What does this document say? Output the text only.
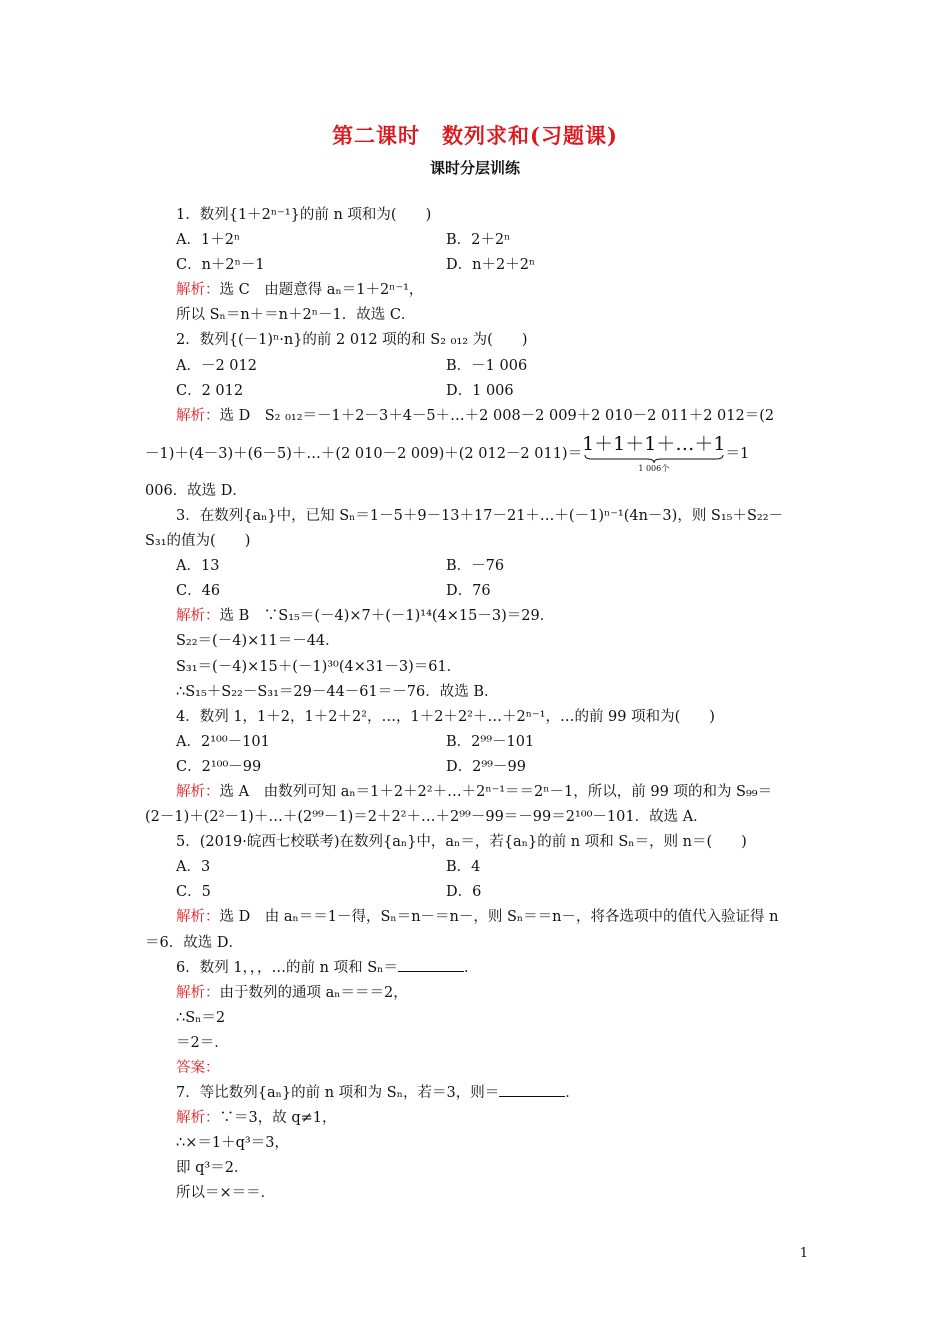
第二课时　数列求和(习题课)
课时分层训练
1．数列{1＋2ⁿ⁻¹}的前 n 项和为(　　)
A．1＋2ⁿ	B．2＋2ⁿ
C．n＋2ⁿ－1	D．n＋2＋2ⁿ
解析：选 C　由题意得 aₙ＝1＋2ⁿ⁻¹，
所以 Sₙ＝n＋＝n＋2ⁿ－1．故选 C．
2．数列{(－1)ⁿ·n}的前 2 012 项的和 S₂ ₀₁₂ 为(　　)
A．－2 012	B．－1 006
C．2 012	D．1 006
解析：选 D　S₂ ₀₁₂＝－1＋2－3＋4－5＋…＋2 008－2 009＋2 010－2 011＋2 012＝(2
－1)＋(4－3)＋(6－5)＋…＋(2 010－2 009)＋(2 012－2 011)＝ 1＋1＋1＋…＋1
1 006个
＝1
006．故选 D．
3．在数列{aₙ}中，已知 Sₙ＝1－5＋9－13＋17－21＋…＋(－1)ⁿ⁻¹(4n－3)，则 S₁₅＋S₂₂－
S₃₁的值为(　　)
A．13	B．－76
C．46	D．76
解析：选 B　∵S₁₅＝(－4)×7＋(－1)¹⁴(4×15－3)＝29．
S₂₂＝(－4)×11＝－44．
S₃₁＝(－4)×15＋(－1)³⁰(4×31－3)＝61．
∴S₁₅＋S₂₂－S₃₁＝29－44－61＝－76．故选 B．
4．数列 1，1＋2，1＋2＋2²，…，1＋2＋2²＋…＋2ⁿ⁻¹，…的前 99 项和为(　　)
A．2¹⁰⁰－101	B．2⁹⁹－101
C．2¹⁰⁰－99	D．2⁹⁹－99
解析：选 A　由数列可知 aₙ＝1＋2＋2²＋…＋2ⁿ⁻¹＝＝2ⁿ－1，所以，前 99 项的和为 S₉₉＝
(2－1)＋(2²－1)＋…＋(2⁹⁹－1)＝2＋2²＋…＋2⁹⁹－99＝－99＝2¹⁰⁰－101．故选 A．
5．(2019·皖西七校联考)在数列{aₙ}中，aₙ＝，若{aₙ}的前 n 项和 Sₙ＝，则 n＝(　　)
A．3	B．4
C．5	D．6
解析：选 D　由 aₙ＝＝1－得，Sₙ＝n－＝n－，则 Sₙ＝＝n－，将各选项中的值代入验证得 n
＝6．故选 D．
6．数列 1，，，…的前 n 项和 Sₙ＝	．
解析：由于数列的通项 aₙ＝＝＝2，
∴Sₙ＝2
＝2＝．
答案：
7．等比数列{aₙ}的前 n 项和为 Sₙ，若＝3，则＝	．
解析：∵＝3，故 q≠1，
∴×＝1＋q³＝3，
即 q³＝2．
所以＝×＝＝．
1
